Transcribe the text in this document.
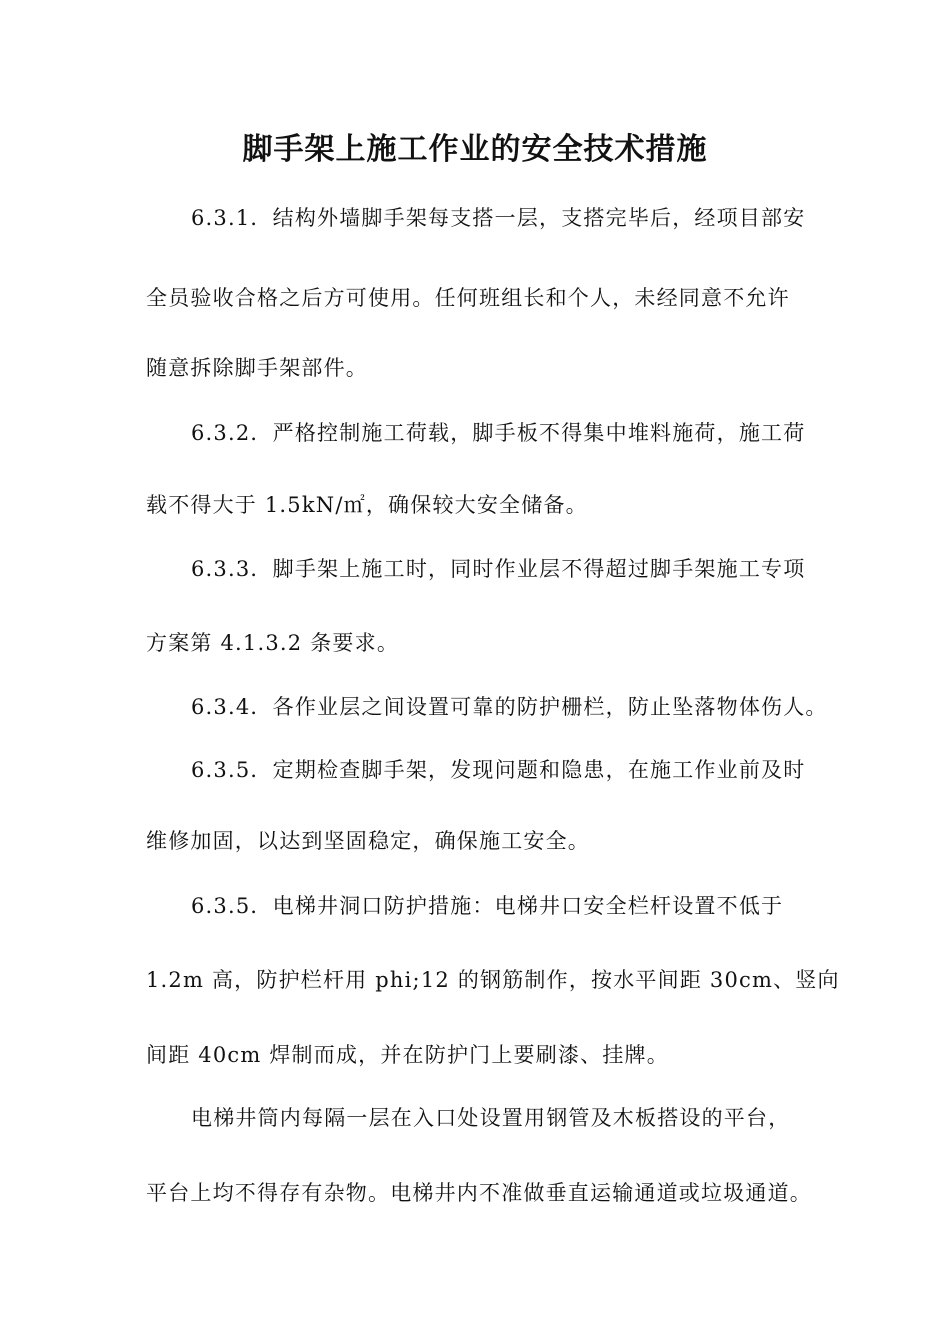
脚手架上施工作业的安全技术措施

6.3.1．结构外墙脚手架每支搭一层，支搭完毕后，经项目部安

全员验收合格之后方可使用。任何班组长和个人，未经同意不允许

随意拆除脚手架部件。

6.3.2．严格控制施工荷载，脚手板不得集中堆料施荷，施工荷

载不得大于 1.5kN/㎡，确保较大安全储备。

6.3.3．脚手架上施工时，同时作业层不得超过脚手架施工专项

方案第 4.1.3.2 条要求。

6.3.4．各作业层之间设置可靠的防护栅栏，防止坠落物体伤人。

6.3.5．定期检查脚手架，发现问题和隐患，在施工作业前及时

维修加固，以达到坚固稳定，确保施工安全。

6.3.5．电梯井洞口防护措施：电梯井口安全栏杆设置不低于

1.2m 高，防护栏杆用 phi;12 的钢筋制作，按水平间距 30cm、竖向

间距 40cm 焊制而成，并在防护门上要刷漆、挂牌。

电梯井筒内每隔一层在入口处设置用钢管及木板搭设的平台，

平台上均不得存有杂物。电梯井内不准做垂直运输通道或垃圾通道。
